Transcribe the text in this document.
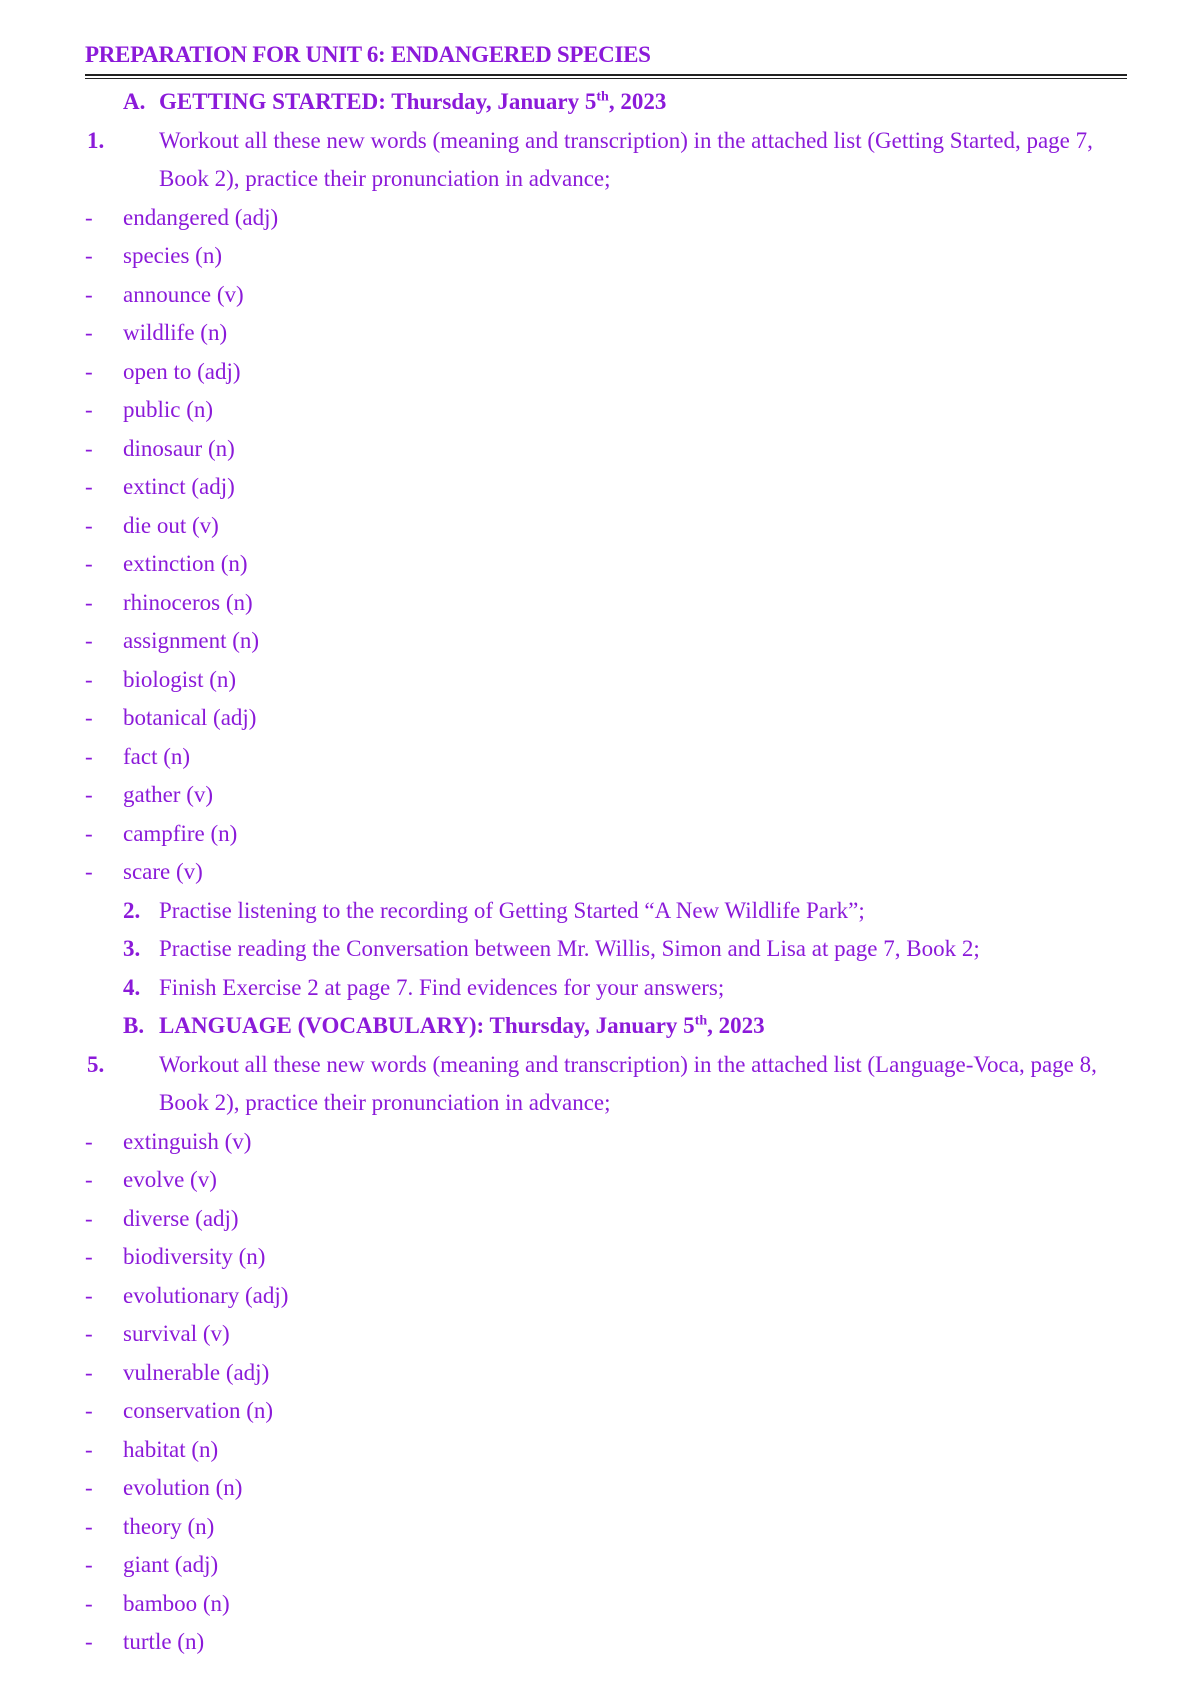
PREPARATION FOR UNIT 6: ENDANGERED SPECIES
A. GETTING STARTED: Thursday, January 5th, 2023
1. Workout all these new words (meaning and transcription) in the attached list (Getting Started, page 7, Book 2), practice their pronunciation in advance;
-	endangered (adj)
-	species (n)
-	announce (v)
-	wildlife (n)
-	open to (adj)
-	public (n)
-	dinosaur (n)
-	extinct (adj)
-	die out (v)
-	extinction (n)
-	rhinoceros (n)
-	assignment (n)
-	biologist (n)
-	botanical (adj)
-	fact (n)
-	gather (v)
-	campfire (n)
-	scare (v)
2. Practise listening to the recording of Getting Started “A New Wildlife Park”;
3. Practise reading the Conversation between Mr. Willis, Simon and Lisa at page 7, Book 2;
4. Finish Exercise 2 at page 7. Find evidences for your answers;
B. LANGUAGE (VOCABULARY): Thursday, January 5th, 2023
5. Workout all these new words (meaning and transcription) in the attached list (Language-Voca, page 8, Book 2), practice their pronunciation in advance;
-	extinguish (v)
-	evolve (v)
-	diverse (adj)
-	biodiversity (n)
-	evolutionary (adj)
-	survival (v)
-	vulnerable (adj)
-	conservation (n)
-	habitat (n)
-	evolution (n)
-	theory (n)
-	giant (adj)
-	bamboo (n)
-	turtle (n)
